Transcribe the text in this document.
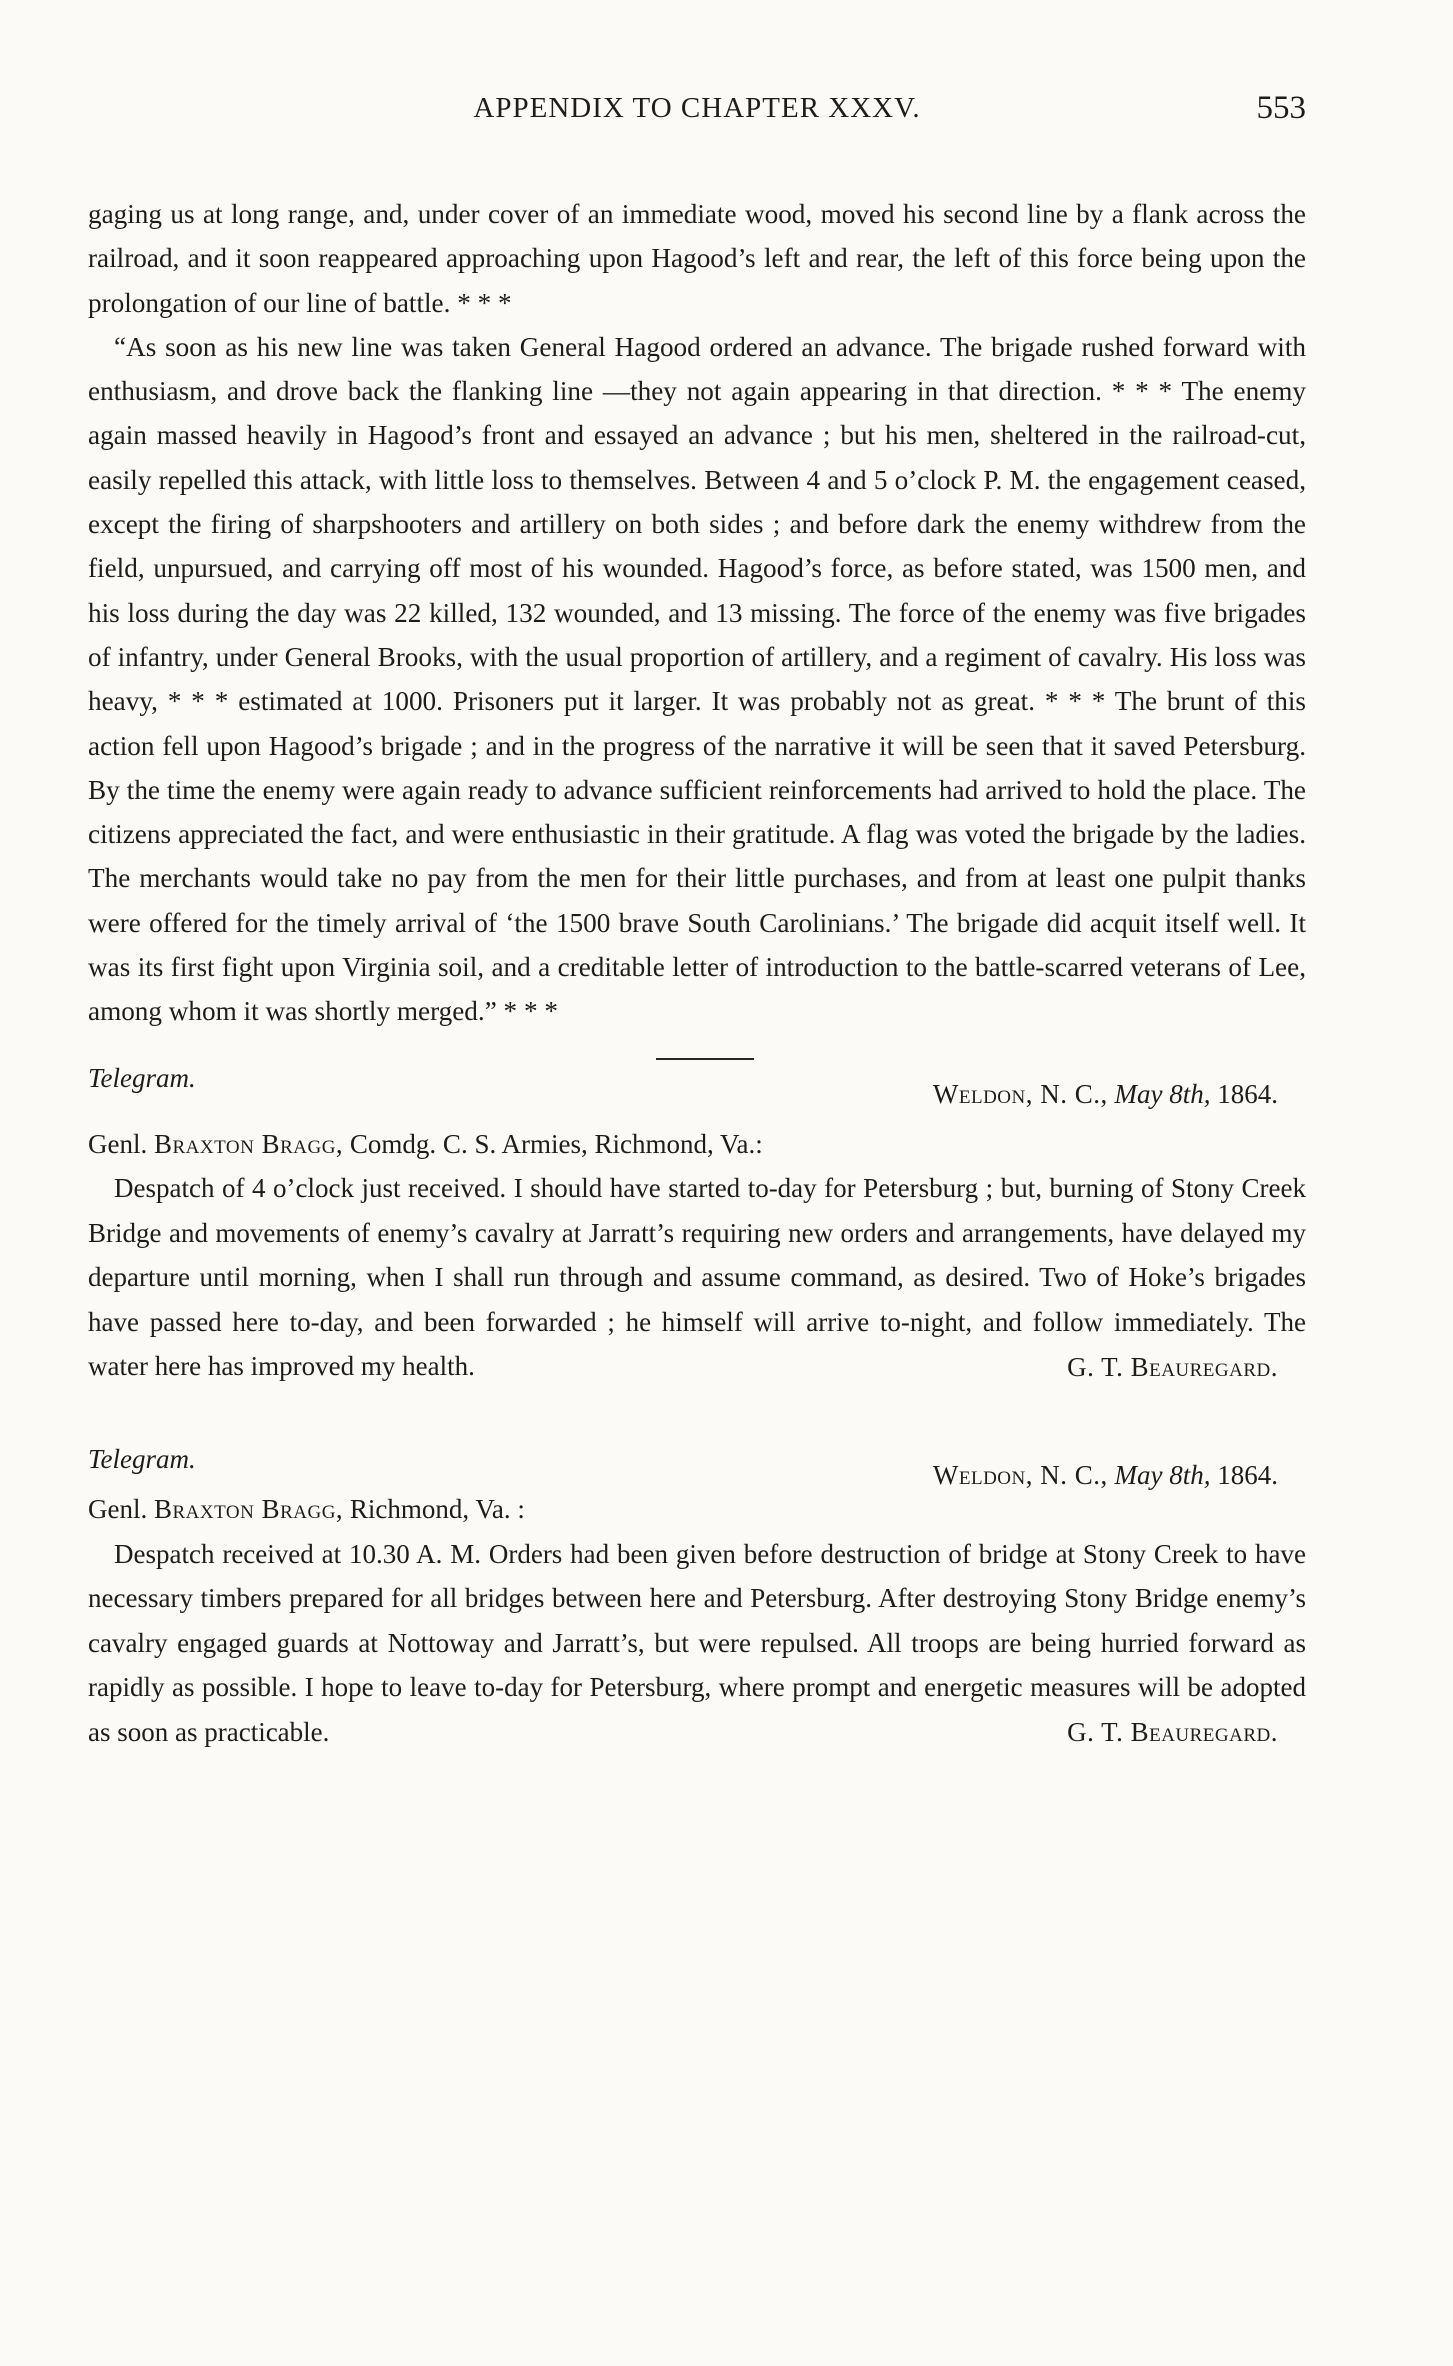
APPENDIX TO CHAPTER XXXV.	553

gaging us at long range, and, under cover of an immediate wood, moved his second line by a flank across the railroad, and it soon reappeared approaching upon Hagood’s left and rear, the left of this force being upon the prolongation of our line of battle. * * *

“As soon as his new line was taken General Hagood ordered an advance. The brigade rushed forward with enthusiasm, and drove back the flanking line —they not again appearing in that direction. * * * The enemy again massed heavily in Hagood’s front and essayed an advance ; but his men, sheltered in the railroad-cut, easily repelled this attack, with little loss to themselves. Between 4 and 5 o’clock P. M. the engagement ceased, except the firing of sharpshooters and artillery on both sides ; and before dark the enemy withdrew from the field, unpursued, and carrying off most of his wounded. Hagood’s force, as before stated, was 1500 men, and his loss during the day was 22 killed, 132 wounded, and 13 missing. The force of the enemy was five brigades of infantry, under General Brooks, with the usual proportion of artillery, and a regiment of cavalry. His loss was heavy, * * * estimated at 1000. Prisoners put it larger. It was probably not as great. * * * The brunt of this action fell upon Hagood’s brigade ; and in the progress of the narrative it will be seen that it saved Petersburg. By the time the enemy were again ready to advance sufficient reinforcements had arrived to hold the place. The citizens appreciated the fact, and were enthusiastic in their gratitude. A flag was voted the brigade by the ladies. The merchants would take no pay from the men for their little purchases, and from at least one pulpit thanks were offered for the timely arrival of ‘the 1500 brave South Carolinians.’ The brigade did acquit itself well. It was its first fight upon Virginia soil, and a creditable letter of introduction to the battle-scarred veterans of Lee, among whom it was shortly merged.” * * *

Telegram.
Weldon, N. C., May 8th, 1864.
Genl. Braxton Bragg, Comdg. C. S. Armies, Richmond, Va.:
Despatch of 4 o’clock just received. I should have started to-day for Petersburg ; but, burning of Stony Creek Bridge and movements of enemy’s cavalry at Jarratt’s requiring new orders and arrangements, have delayed my departure until morning, when I shall run through and assume command, as desired. Two of Hoke’s brigades have passed here to-day, and been forwarded ; he himself will arrive to-night, and follow immediately. The water here has improved my health.	G. T. Beauregard.
Telegram.
Weldon, N. C., May 8th, 1864.
Genl. Braxton Bragg, Richmond, Va. :
Despatch received at 10.30 A. M. Orders had been given before destruction of bridge at Stony Creek to have necessary timbers prepared for all bridges between here and Petersburg. After destroying Stony Bridge enemy’s cavalry engaged guards at Nottoway and Jarratt’s, but were repulsed. All troops are being hurried forward as rapidly as possible. I hope to leave to-day for Petersburg, where prompt and energetic measures will be adopted as soon as practicable.	G. T. Beauregard.
